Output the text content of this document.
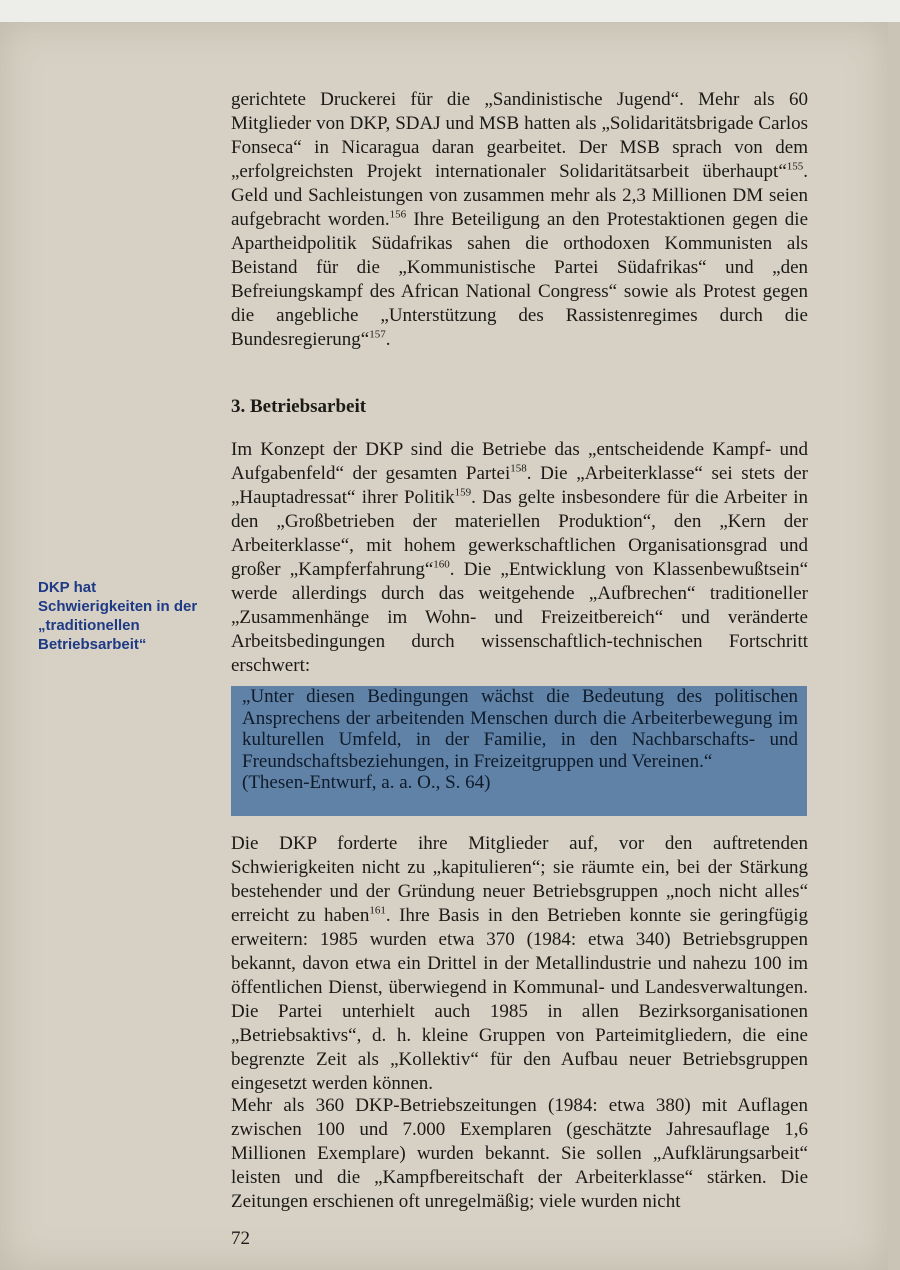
gerichtete Druckerei für die „Sandinistische Jugend“. Mehr als 60 Mitglieder von DKP, SDAJ und MSB hatten als „Solidaritätsbrigade Carlos Fonseca“ in Nicaragua daran gearbeitet. Der MSB sprach von dem „erfolgreichsten Projekt internationaler Solidaritätsarbeit überhaupt“$^{155}$. Geld und Sachleistungen von zusammen mehr als 2,3 Millionen DM seien aufgebracht worden.$^{156}$ Ihre Beteiligung an den Protestaktionen gegen die Apartheidpolitik Südafrikas sahen die orthodoxen Kommunisten als Beistand für die „Kommunistische Partei Südafrikas“ und „den Befreiungskampf des African National Congress“ sowie als Protest gegen die angebliche „Unterstützung des Rassistenregimes durch die Bundesregierung“$^{157}$.

3. Betriebsarbeit

Im Konzept der DKP sind die Betriebe das „entscheidende Kampf- und Aufgabenfeld“ der gesamten Partei$^{158}$. Die „Arbeiterklasse“ sei stets der „Hauptadressat“ ihrer Politik$^{159}$. Das gelte insbesondere für die Arbeiter in den „Großbetrieben der materiellen Produktion“, den „Kern der Arbeiterklasse“, mit hohem gewerkschaftlichen Organisationsgrad und großer „Kampferfahrung“$^{160}$. Die „Entwicklung von Klassenbewußtsein“ werde allerdings durch das weitgehende „Aufbrechen“ traditioneller „Zusammenhänge im Wohn- und Freizeitbereich“ und veränderte Arbeitsbedingungen durch wissenschaftlich-technischen Fortschritt erschwert:

DKP hat Schwierigkeiten in der „traditionellen Betriebsarbeit“

„Unter diesen Bedingungen wächst die Bedeutung des politischen Ansprechens der arbeitenden Menschen durch die Arbeiterbewegung im kulturellen Umfeld, in der Familie, in den Nachbarschafts- und Freundschaftsbeziehungen, in Freizeitgruppen und Vereinen.“
(Thesen-Entwurf, a. a. O., S. 64)

Die DKP forderte ihre Mitglieder auf, vor den auftretenden Schwierigkeiten nicht zu „kapitulieren“; sie räumte ein, bei der Stärkung bestehender und der Gründung neuer Betriebsgruppen „noch nicht alles“ erreicht zu haben$^{161}$. Ihre Basis in den Betrieben konnte sie geringfügig erweitern: 1985 wurden etwa 370 (1984: etwa 340) Betriebsgruppen bekannt, davon etwa ein Drittel in der Metallindustrie und nahezu 100 im öffentlichen Dienst, überwiegend in Kommunal- und Landesverwaltungen. Die Partei unterhielt auch 1985 in allen Bezirksorganisationen „Betriebsaktivs“, d. h. kleine Gruppen von Parteimitgliedern, die eine begrenzte Zeit als „Kollektiv“ für den Aufbau neuer Betriebsgruppen eingesetzt werden können.

Mehr als 360 DKP-Betriebszeitungen (1984: etwa 380) mit Auflagen zwischen 100 und 7.000 Exemplaren (geschätzte Jahresauflage 1,6 Millionen Exemplare) wurden bekannt. Sie sollen „Aufklärungsarbeit“ leisten und die „Kampfbereitschaft der Arbeiterklasse“ stärken. Die Zeitungen erschienen oft unregelmäßig; viele wurden nicht

72
